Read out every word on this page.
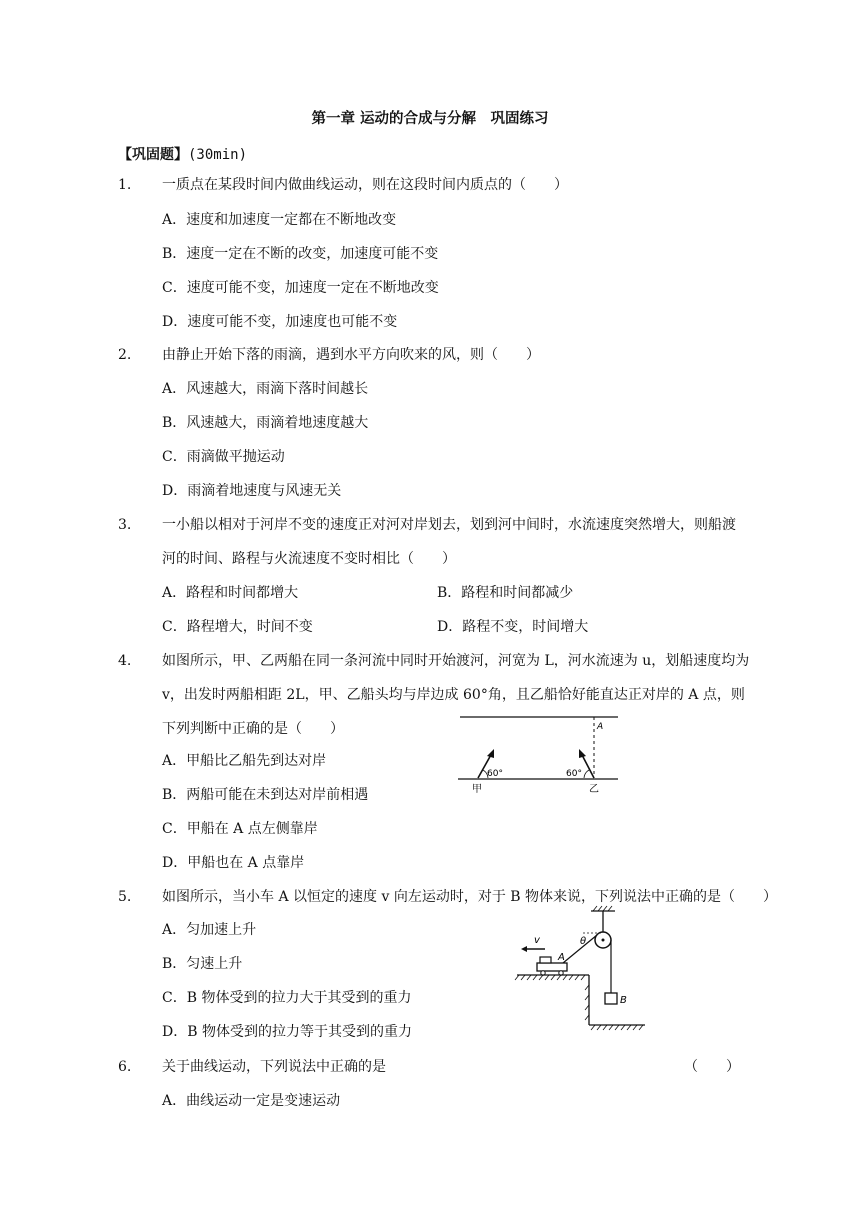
第一章 运动的合成与分解　巩固练习
【巩固题】(30min)
1. 一质点在某段时间内做曲线运动，则在这段时间内质点的（　　）
A．速度和加速度一定都在不断地改变
B．速度一定在不断的改变，加速度可能不变
C．速度可能不变，加速度一定在不断地改变
D．速度可能不变，加速度也可能不变
2. 由静止开始下落的雨滴，遇到水平方向吹来的风，则（　　）
A．风速越大，雨滴下落时间越长
B．风速越大，雨滴着地速度越大
C．雨滴做平抛运动
D．雨滴着地速度与风速无关
3. 一小船以相对于河岸不变的速度正对河对岸划去，划到河中间时，水流速度突然增大，则船渡
河的时间、路程与火流速度不变时相比（　　）
A．路程和时间都增大	B．路程和时间都减少
C．路程增大，时间不变	D．路程不变，时间增大
4. 如图所示，甲、乙两船在同一条河流中同时开始渡河，河宽为 L，河水流速为 u，划船速度均为
v，出发时两船相距 2L，甲、乙船头均与岸边成 60°角，且乙船恰好能直达正对岸的 A 点，则
下列判断中正确的是（　　）
A．甲船比乙船先到达对岸
B．两船可能在未到达对岸前相遇
C．甲船在 A 点左侧靠岸
D．甲船也在 A 点靠岸
A
60°
甲
60°
乙
5. 如图所示，当小车 A 以恒定的速度 v 向左运动时，对于 B 物体来说，下列说法中正确的是（　　）
A．匀加速上升
B．匀速上升
C．B 物体受到的拉力大于其受到的重力
D．B 物体受到的拉力等于其受到的重力
θ
B
v
A
6. 关于曲线运动，下列说法中正确的是	（　　）
A．曲线运动一定是变速运动
